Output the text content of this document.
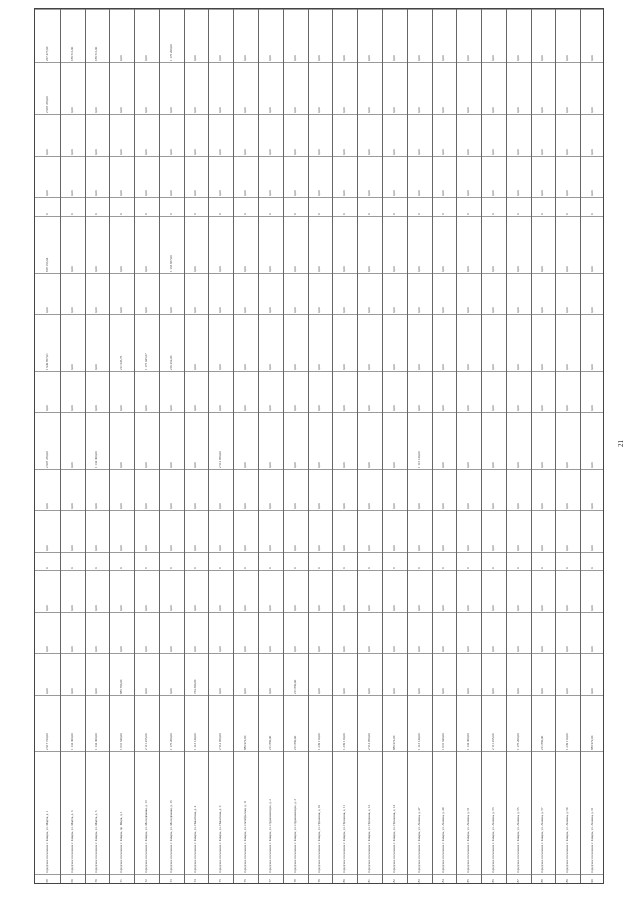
168
городское поселение г. Кимры, ул. Марта, д. 1
2 917 720,00
0,00
0,00
0,00
0,00
0,00
2 907 470,00
0,00
1 949 857,01
0,00
818 163,04
0,00
0,00
2 907 470,00
267 477,00
169
городское поселение г. Кимры, ул. Марта, д. 3
1 134 300,00
0,00
0,00
0,00
0,00
0,00
0,00
0,00
0,00
0,00
0,00
0,00
0,00
0,00
189 511,00
170
городское поселение г. Кимры, ул. Марта, д. 5
1 134 300,00
0,00
0,00
0,00
0,00
0,00
1 134 300,00
0,00
0,00
0,00
0,00
0,00
0,00
0,00
189 511,00
171
городское поселение г. Кимры, пр. Мира, д. 1
1 031 640,00
886 700,00
0,00
0,00
0,00
0,00
0,00
0,00
211 645,76
0,00
0,00
0,00
0,00
0,00
0,00
172
городское поселение г. Кимры, ул. Молодёжная, д. 13
2 111 265,00
0,00
0,00
0,00
0,00
0,00
0,00
0,00
1 175 045,67
0,00
0,00
0,00
0,00
0,00
0,00
173
городское поселение г. Кимры, ул. Молодёжная, д. 15
1 176 200,00
0,00
0,00
0,00
0,00
0,00
0,00
0,00
219 262,00
0,00
1 163 957,00
0,00
0,00
0,00
1 176 200,00
174
городское поселение г. Кимры, ул. Никитина, д. 4
1 113 140,00
734 300,00
0,00
0,00
0,00
0,00
0,00
0,00
0,00
0,00
0,00
0,00
0,00
0,00
0,00
175
городское поселение г. Кимры, ул. Никитина, д. 6
2 512 950,00
0,00
0,00
0,00
0,00
0,00
2 512 950,00
0,00
0,00
0,00
0,00
0,00
0,00
0,00
0,00
176
городское поселение г. Кимры, ул. Октябрьская, д. 11
880 972,00
0,00
0,00
0,00
0,00
0,00
0,00
0,00
0,00
0,00
0,00
0,00
0,00
0,00
0,00
177
городское поселение г. Кимры, ул. Орджоникидзе, д. 2
211 860,00
0,00
0,00
0,00
0,00
0,00
0,00
0,00
0,00
0,00
0,00
0,00
0,00
0,00
0,00
178
городское поселение г. Кимры, ул. Орджоникидзе, д. 3
211 860,00
211 860,00
0,00
0,00
0,00
0,00
0,00
0,00
0,00
0,00
0,00
0,00
0,00
0,00
0,00
179
городское поселение г. Кимры, ул. Пушкина, д. 10
1 239 110,00
0,00
0,00
0,00
0,00
0,00
0,00
0,00
0,00
0,00
0,00
0,00
0,00
0,00
0,00
180
городское поселение г. Кимры, ул. Пушкина, д. 11
1 239 110,00
0,00
0,00
0,00
0,00
0,00
0,00
0,00
0,00
0,00
0,00
0,00
0,00
0,00
0,00
181
городское поселение г. Кимры, ул. Пушкина, д. 12
2 512 950,00
0,00
0,00
0,00
0,00
0,00
0,00
0,00
0,00
0,00
0,00
0,00
0,00
0,00
0,00
182
городское поселение г. Кимры, ул. Пушкина, д. 14
880 972,00
0,00
0,00
0,00
0,00
0,00
0,00
0,00
0,00
0,00
0,00
0,00
0,00
0,00
0,00
183
городское поселение г. Кимры, ул. Ленина, д. 47
1 113 140,00
0,00
0,00
0,00
0,00
0,00
1 113 140,00
0,00
0,00
0,00
0,00
0,00
0,00
0,00
0,00
184
городское поселение г. Кимры, ул. Ленина, д. 49
1 031 640,00
0,00
0,00
0,00
0,00
0,00
0,00
0,00
0,00
0,00
0,00
0,00
0,00
0,00
0,00
185
городское поселение г. Кимры, ул. Ленина, д. 51
1 134 300,00
0,00
0,00
0,00
0,00
0,00
0,00
0,00
0,00
0,00
0,00
0,00
0,00
0,00
0,00
186
городское поселение г. Кимры, ул. Ленина, д. 53
2 111 265,00
0,00
0,00
0,00
0,00
0,00
0,00
0,00
0,00
0,00
0,00
0,00
0,00
0,00
0,00
187
городское поселение г. Кимры, ул. Ленина, д. 55
1 176 200,00
0,00
0,00
0,00
0,00
0,00
0,00
0,00
0,00
0,00
0,00
0,00
0,00
0,00
0,00
188
городское поселение г. Кимры, ул. Ленина, д. 57
211 860,00
0,00
0,00
0,00
0,00
0,00
0,00
0,00
0,00
0,00
0,00
0,00
0,00
0,00
0,00
189
городское поселение г. Кимры, ул. Ленина, д. 59
1 239 110,00
0,00
0,00
0,00
0,00
0,00
0,00
0,00
0,00
0,00
0,00
0,00
0,00
0,00
0,00
190
городское поселение г. Кимры, ул. Ленина, д. 61
880 972,00
0,00
0,00
0,00
0,00
0,00
0,00
0,00
0,00
0,00
0,00
0,00
0,00
0,00
0,00
21
